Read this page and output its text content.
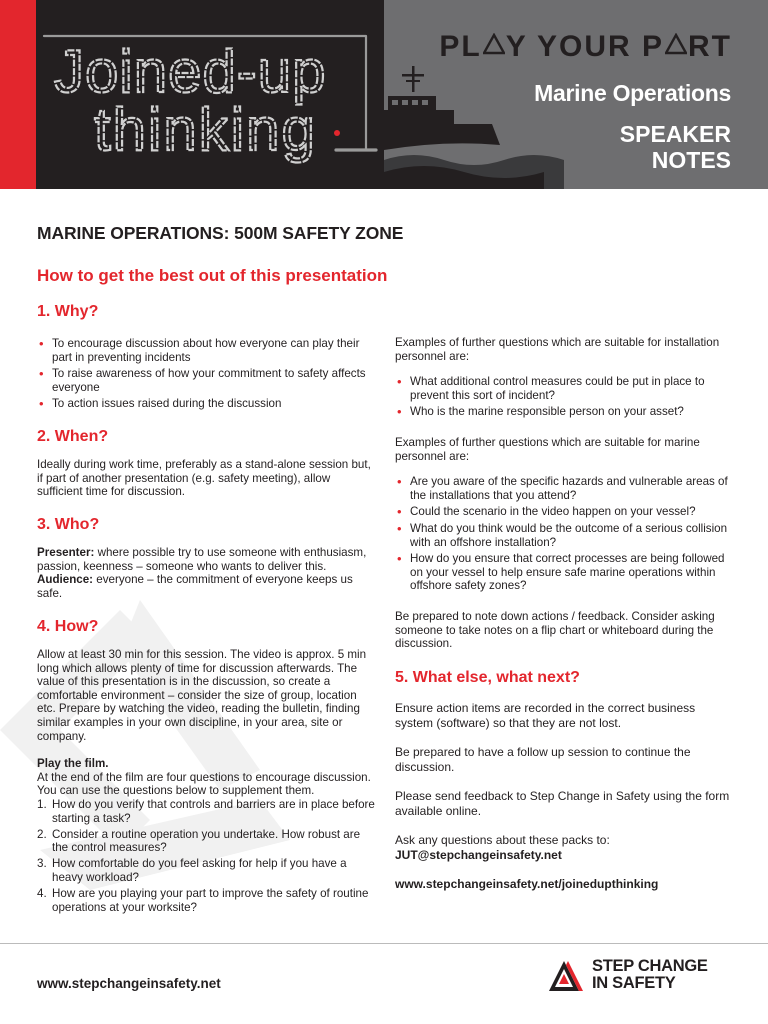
Joined-up
thinking
PL Y YOUR P RT
Marine Operations
SPEAKER
NOTES
MARINE OPERATIONS: 500M SAFETY ZONE
How to get the best out of this presentation
1. Why?
• To encourage discussion about how everyone can play their part in preventing incidents
• To raise awareness of how your commitment to safety affects everyone
• To action issues raised during the discussion
2. When?

Ideally during work time, preferably as a stand-alone session but, if part of another presentation (e.g. safety meeting), allow sufficient time for discussion.

3. Who?

Presenter: where possible try to use someone with enthusiasm, passion, keenness – someone who wants to deliver this.

Audience: everyone – the commitment of everyone keeps us safe.

4. How?

Allow at least 30 min for this session. The video is approx. 5 min long which allows plenty of time for discussion afterwards. The value of this presentation is in the discussion, so create a comfortable environment – consider the size of group, location etc. Prepare by watching the video, reading the bulletin, finding similar examples in your own discipline, in your area, site or company.

Play the film.

At the end of the film are four questions to encourage discussion. You can use the questions below to supplement them.

1. How do you verify that controls and barriers are in place before starting a task?
2. Consider a routine operation you undertake. How robust are the control measures?
3. How comfortable do you feel asking for help if you have a heavy workload?
4. How are you playing your part to improve the safety of routine operations at your worksite?

Examples of further questions which are suitable for installation personnel are:

• What additional control measures could be put in place to prevent this sort of incident?
• Who is the marine responsible person on your asset?

Examples of further questions which are suitable for marine personnel are:

• Are you aware of the specific hazards and vulnerable areas of the installations that you attend?
• Could the scenario in the video happen on your vessel?
• What do you think would be the outcome of a serious collision with an offshore installation?
• How do you ensure that correct processes are being followed on your vessel to help ensure safe marine operations within offshore safety zones?

Be prepared to note down actions / feedback. Consider asking someone to take notes on a flip chart or whiteboard during the discussion.

5. What else, what next?

Ensure action items are recorded in the correct business system (software) so that they are not lost.

Be prepared to have a follow up session to continue the discussion.

Please send feedback to Step Change in Safety using the form available online.

Ask any questions about these packs to:

JUT@stepchangeinsafety.net

www.stepchangeinsafety.net/joinedupthinking

www.stepchangeinsafety.net
STEP CHANGE
IN SAFETY
